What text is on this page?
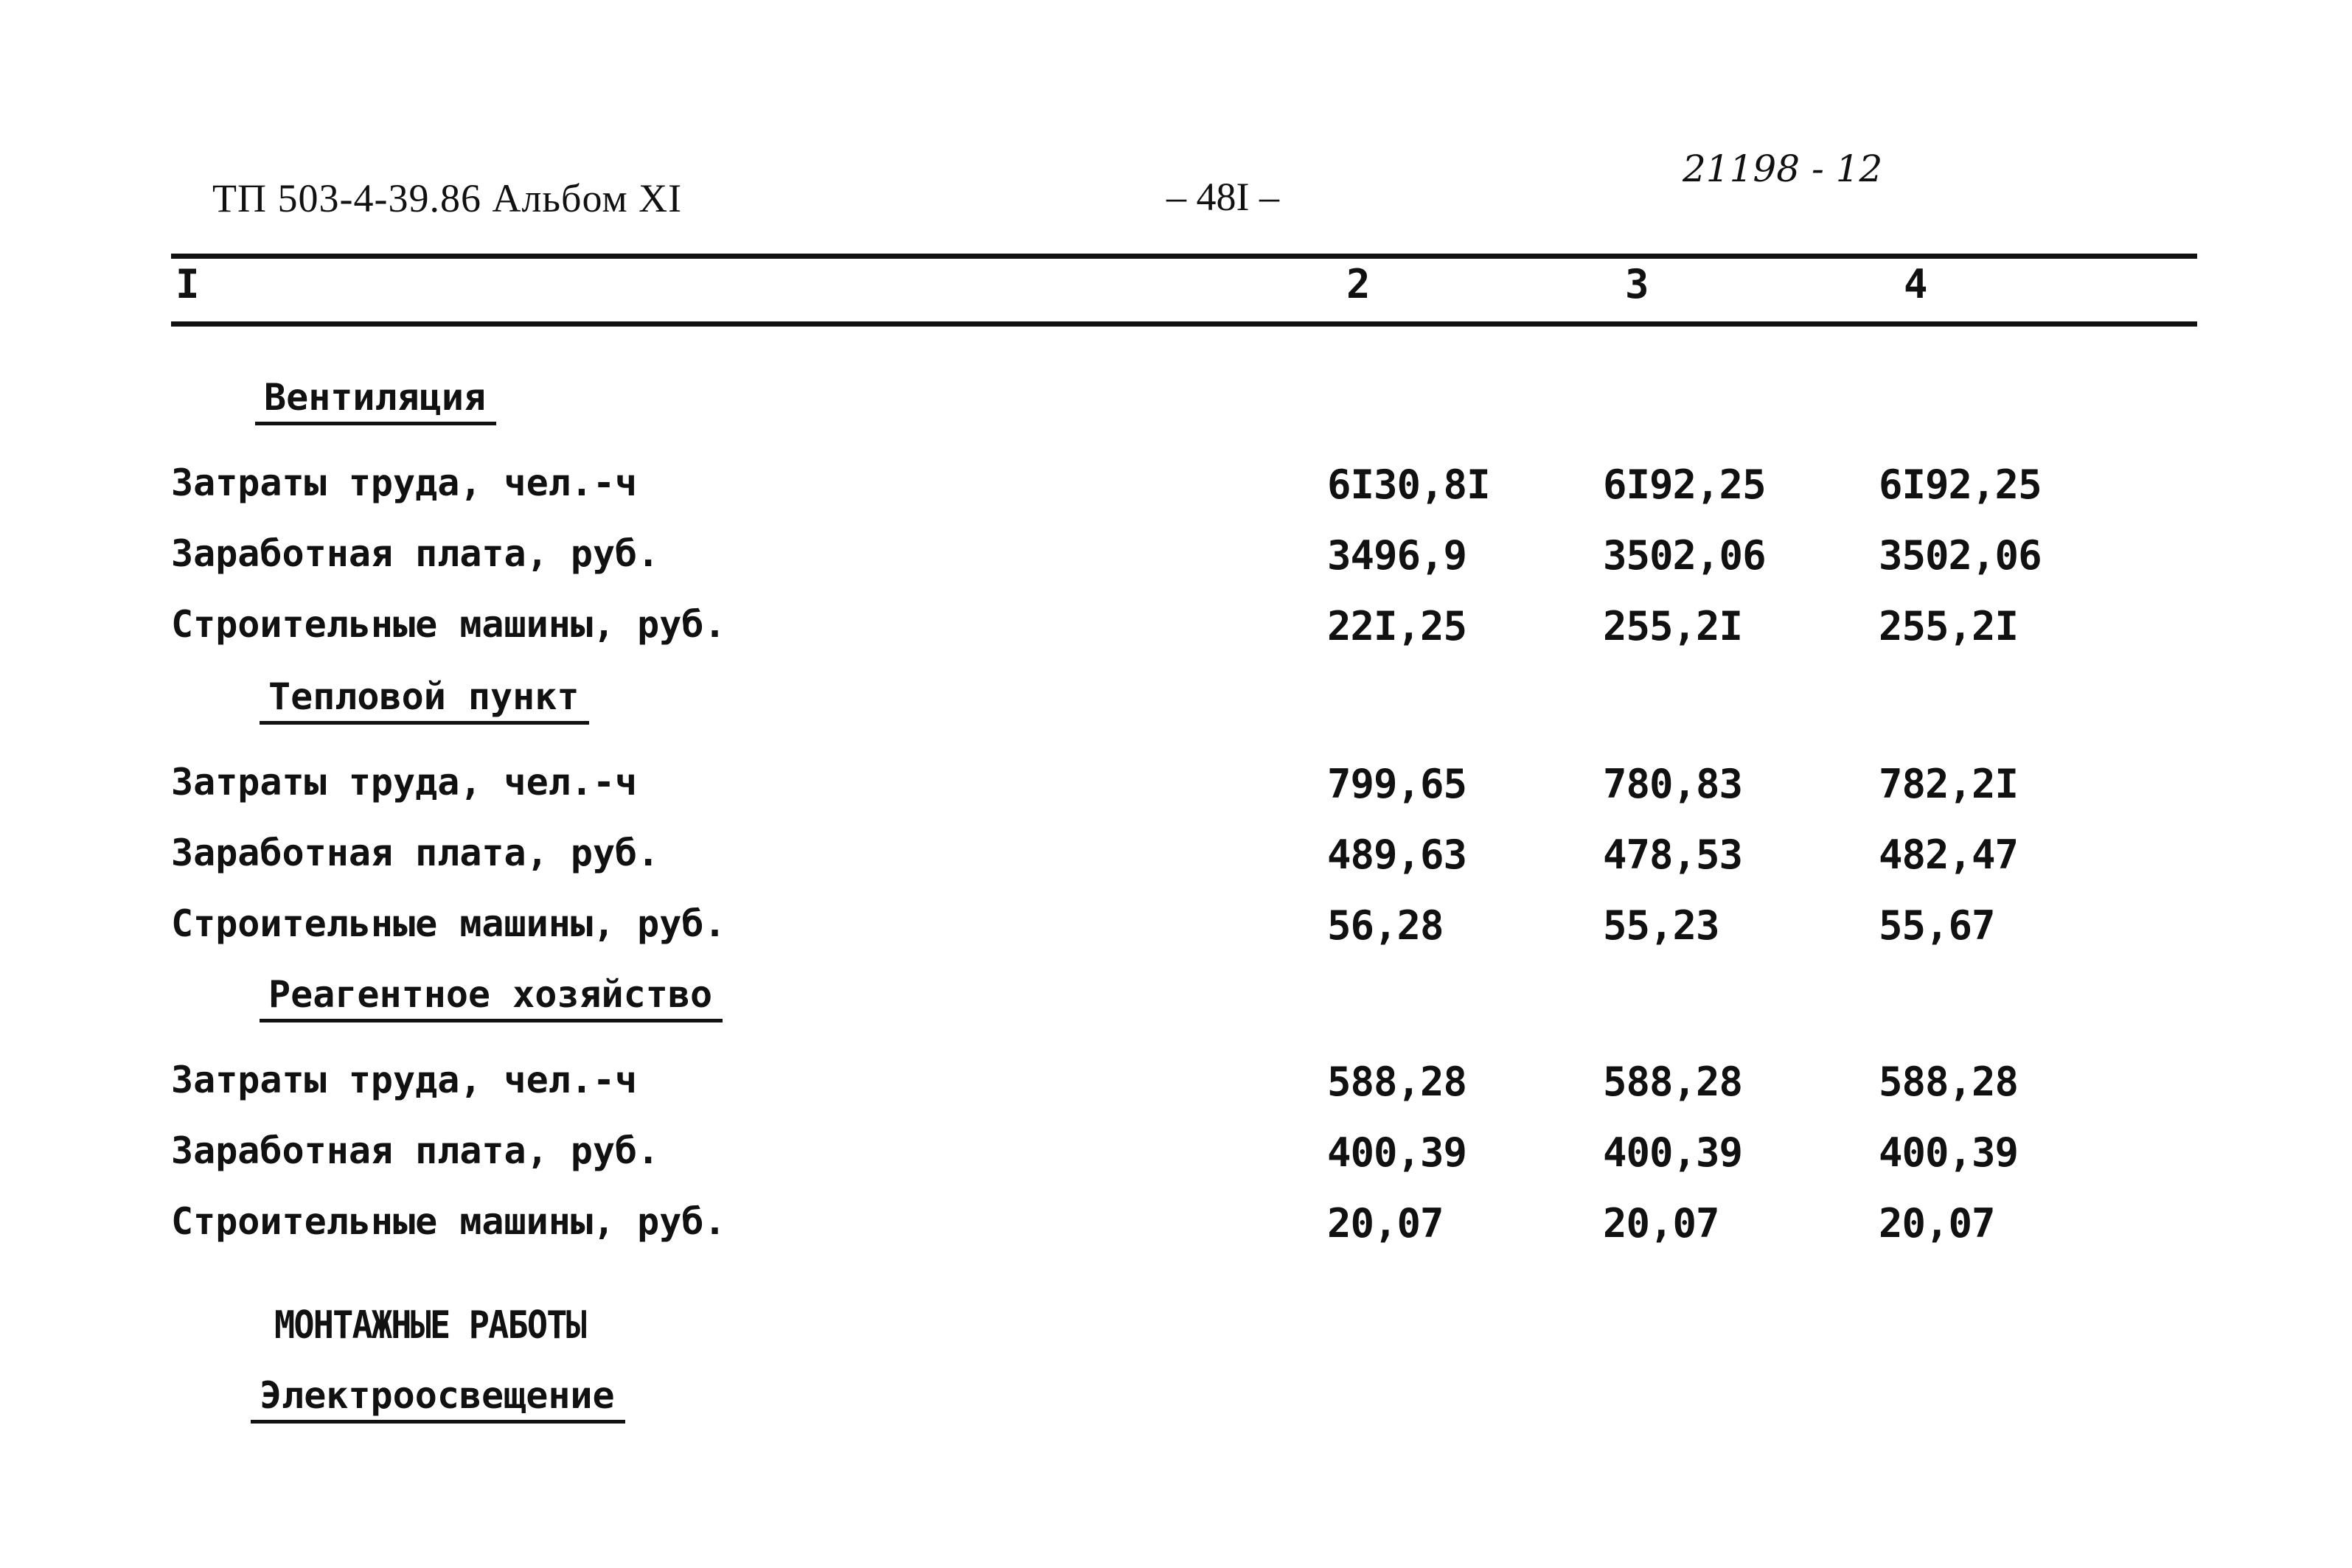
ТП 503-4-39.86 Альбом XI	– 48I –
21198 - 12
I	2	3	4
Вентиляция
Затраты труда, чел.-ч	6I30,8I	6I92,25	6I92,25
Заработная плата, руб.	3496,9	3502,06	3502,06
Строительные машины, руб.	22I,25	255,2I	255,2I
Тепловой пункт
Затраты труда, чел.-ч	799,65	780,83	782,2I
Заработная плата, руб.	489,63	478,53	482,47
Строительные машины, руб.	56,28	55,23	55,67
Реагентное хозяйство
Затраты труда, чел.-ч	588,28	588,28	588,28
Заработная плата, руб.	400,39	400,39	400,39
Строительные машины, руб.	20,07	20,07	20,07
МОНТАЖНЫЕ РАБОТЫ
Электроосвещение
